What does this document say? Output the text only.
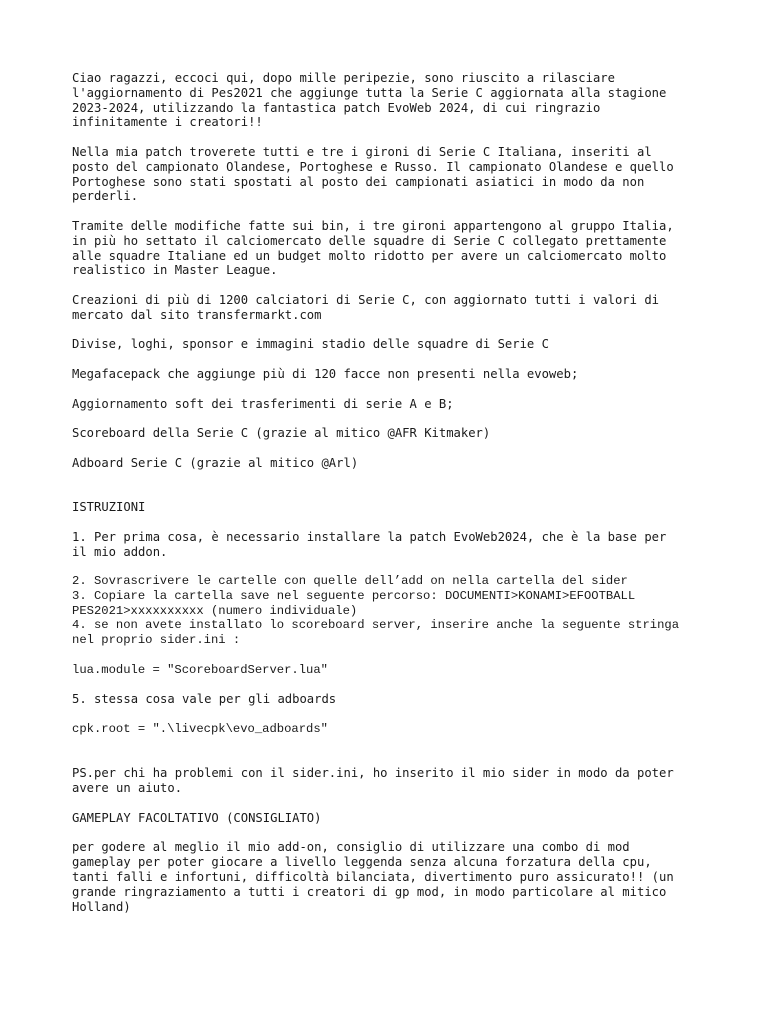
Ciao ragazzi, eccoci qui, dopo mille peripezie, sono riuscito a rilasciare
l'aggiornamento di Pes2021 che aggiunge tutta la Serie C aggiornata alla stagione
2023-2024, utilizzando la fantastica patch EvoWeb 2024, di cui ringrazio
infinitamente i creatori!!

Nella mia patch troverete tutti e tre i gironi di Serie C Italiana, inseriti al
posto del campionato Olandese, Portoghese e Russo. Il campionato Olandese e quello
Portoghese sono stati spostati al posto dei campionati asiatici in modo da non
perderli.

Tramite delle modifiche fatte sui bin, i tre gironi appartengono al gruppo Italia,
in più ho settato il calciomercato delle squadre di Serie C collegato prettamente
alle squadre Italiane ed un budget molto ridotto per avere un calciomercato molto
realistico in Master League.

Creazioni di più di 1200 calciatori di Serie C, con aggiornato tutti i valori di
mercato dal sito transfermarkt.com

Divise, loghi, sponsor e immagini stadio delle squadre di Serie C

Megafacepack che aggiunge più di 120 facce non presenti nella evoweb;

Aggiornamento soft dei trasferimenti di serie A e B;

Scoreboard della Serie C (grazie al mitico @AFR Kitmaker)

Adboard Serie C (grazie al mitico @Arl)

ISTRUZIONI

1. Per prima cosa, è necessario installare la patch EvoWeb2024, che è la base per
il mio addon.

2. Sovrascrivere le cartelle con quelle dell’add on nella cartella del sider

3. Copiare la cartella save nel seguente percorso: DOCUMENTI>KONAMI>EFOOTBALL
PES2021>xxxxxxxxxx (numero individuale)

4. se non avete installato lo scoreboard server, inserire anche la seguente stringa
nel proprio sider.ini :

lua.module = "ScoreboardServer.lua"

5. stessa cosa vale per gli adboards

cpk.root = ".\livecpk\evo_adboards"

PS.per chi ha problemi con il sider.ini, ho inserito il mio sider in modo da poter
avere un aiuto.

GAMEPLAY FACOLTATIVO (CONSIGLIATO)

per godere al meglio il mio add-on, consiglio di utilizzare una combo di mod
gameplay per poter giocare a livello leggenda senza alcuna forzatura della cpu,
tanti falli e infortuni, difficoltà bilanciata, divertimento puro assicurato!! (un
grande ringraziamento a tutti i creatori di gp mod, in modo particolare al mitico
Holland)
